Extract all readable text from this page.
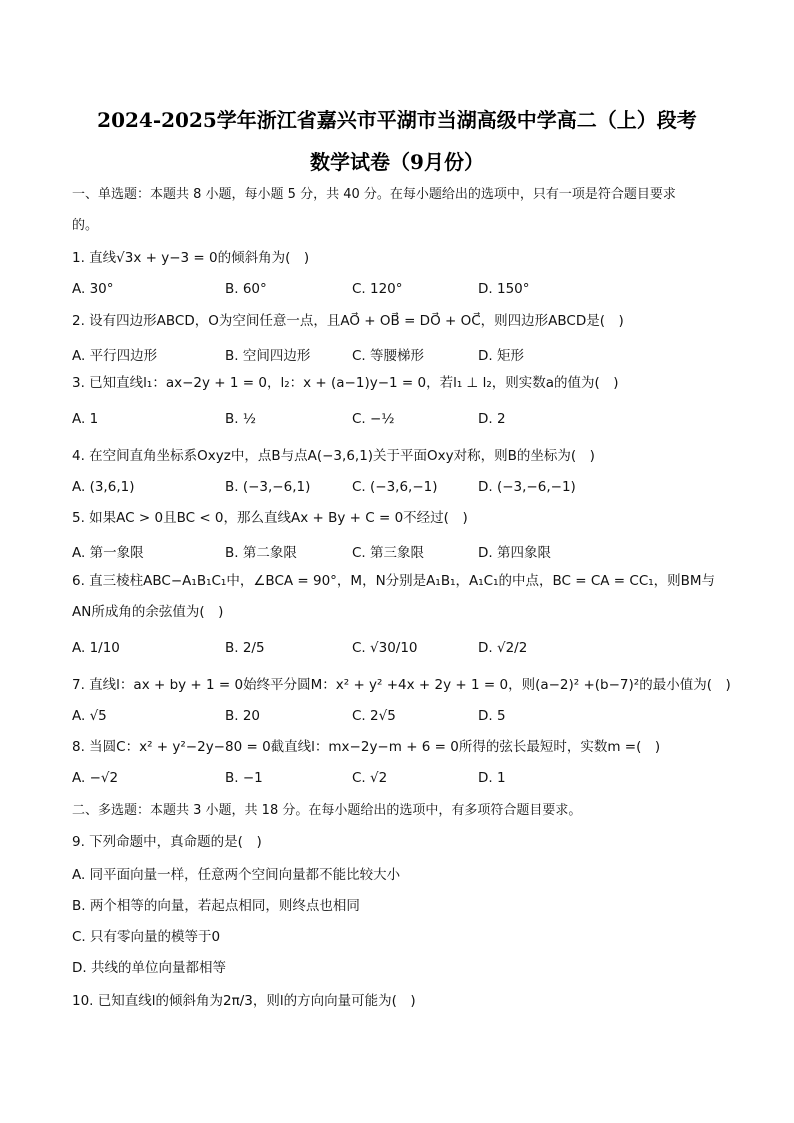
2024-2025学年浙江省嘉兴市平湖市当湖高级中学高二（上）段考
数学试卷（9月份）
一、单选题：本题共 8 小题，每小题 5 分，共 40 分。在每小题给出的选项中，只有一项是符合题目要求
的。
1. 直线√3x + y−3 = 0的倾斜角为(　)
A. 30°	B. 60°	C. 120°	D. 150°
2. 设有四边形ABCD，O为空间任意一点，且AO⃗ + OB⃗ = DO⃗ + OC⃗，则四边形ABCD是(　)
A. 平行四边形	B. 空间四边形	C. 等腰梯形	D. 矩形
3. 已知直线l₁：ax−2y + 1 = 0，l₂：x + (a−1)y−1 = 0，若l₁ ⊥ l₂，则实数a的值为(　)
A. 1	B. ½	C. −½	D. 2
4. 在空间直角坐标系Oxyz中，点B与点A(−3,6,1)关于平面Oxy对称，则B的坐标为(　)
A. (3,6,1)	B. (−3,−6,1)	C. (−3,6,−1)	D. (−3,−6,−1)
5. 如果AC > 0且BC < 0，那么直线Ax + By + C = 0不经过(　)
A. 第一象限	B. 第二象限	C. 第三象限	D. 第四象限
6. 直三棱柱ABC−A₁B₁C₁中，∠BCA = 90°，M，N分别是A₁B₁，A₁C₁的中点，BC = CA = CC₁，则BM与
AN所成角的余弦值为(　)
A. 1/10	B. 2/5	C. √30/10	D. √2/2
7. 直线l：ax + by + 1 = 0始终平分圆M：x² + y² +4x + 2y + 1 = 0，则(a−2)² +(b−7)²的最小值为(　)
A. √5	B. 20	C. 2√5	D. 5
8. 当圆C：x² + y²−2y−80 = 0截直线l：mx−2y−m + 6 = 0所得的弦长最短时，实数m =(　)
A. −√2	B. −1	C. √2	D. 1
二、多选题：本题共 3 小题，共 18 分。在每小题给出的选项中，有多项符合题目要求。
9. 下列命题中，真命题的是(　)
A. 同平面向量一样，任意两个空间向量都不能比较大小
B. 两个相等的向量，若起点相同，则终点也相同
C. 只有零向量的模等于0
D. 共线的单位向量都相等
10. 已知直线l的倾斜角为2π/3，则l的方向向量可能为(　)
